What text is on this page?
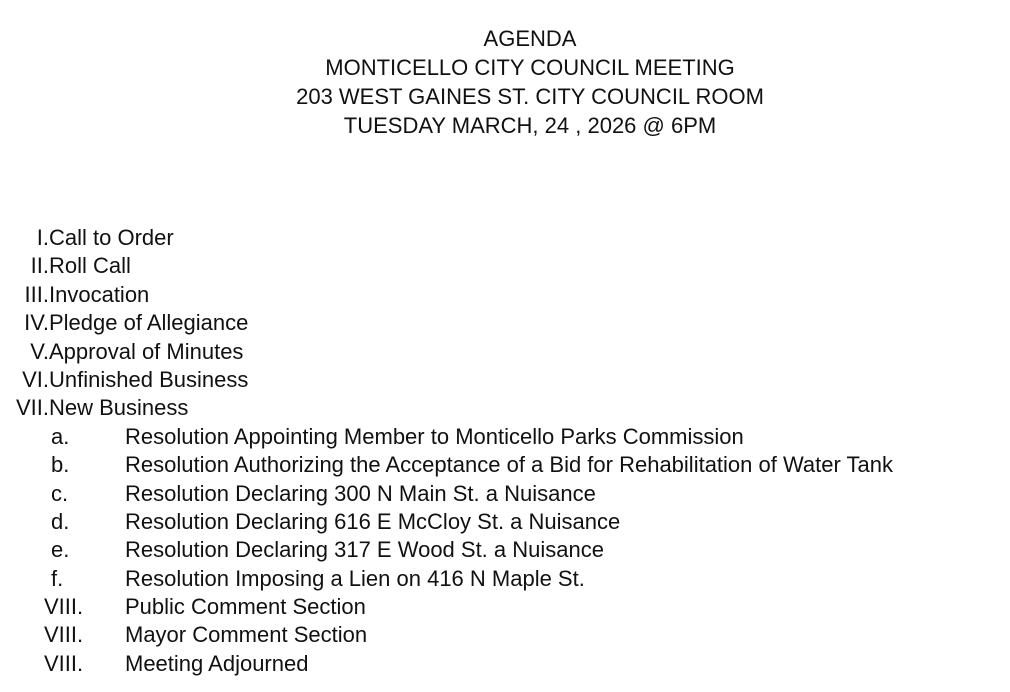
AGENDA
MONTICELLO CITY COUNCIL MEETING
203 WEST GAINES ST. CITY COUNCIL ROOM
TUESDAY MARCH, 24 , 2026 @ 6PM
I.Call to Order
II.Roll Call
III.Invocation
IV.Pledge of Allegiance
V.Approval of Minutes
VI.Unfinished Business
VII.New Business
a.	Resolution Appointing Member to Monticello Parks Commission
b.	Resolution Authorizing the Acceptance of a Bid for Rehabilitation of Water Tank
c.	Resolution Declaring 300 N Main St. a Nuisance
d.	Resolution Declaring 616 E McCloy St. a Nuisance
e.	Resolution Declaring 317 E Wood St. a Nuisance
f.	Resolution Imposing a Lien on 416 N Maple St.
VIII. Public Comment Section
VIII. Mayor Comment Section
VIII. Meeting Adjourned
